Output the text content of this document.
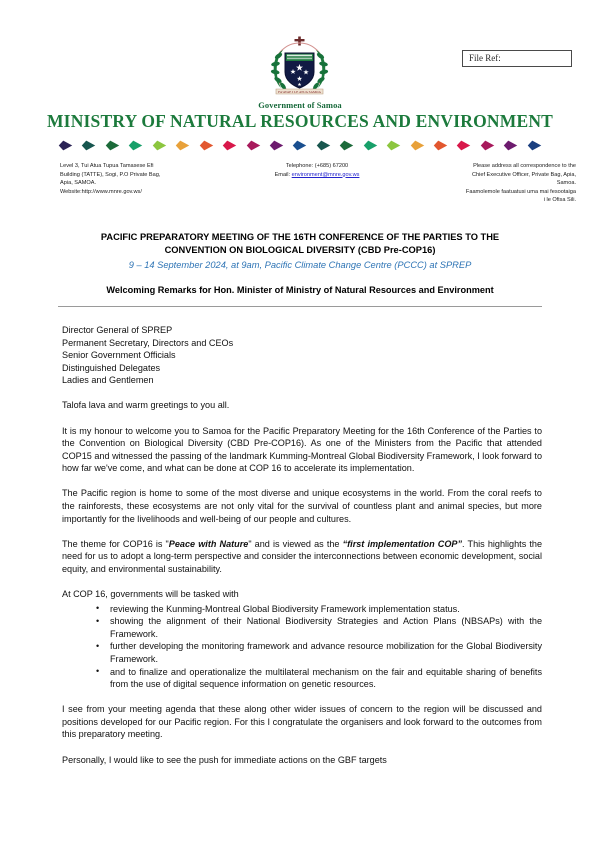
FA'AVAE I LE ATUA SAMOA
Government of Samoa
MINISTRY OF NATURAL RESOURCES AND ENVIRONMENT
File Ref:
Level 3, Tui Atua Tupua Tamasese Efi
Building (TATTE), Sogi, P.O Private Bag,
Apia, SAMOA.
Website:http://www.mnre.gov.ws/
Telephone: (+685) 67200
Email: environment@mnre.gov.ws
Please address all correspondence to the
Chief Executive Officer, Private Bag, Apia,
Samoa.
Faamolemole faatuatusi uma mai fesootaiga
i le Ofisa Sili.
PACIFIC PREPARATORY MEETING OF THE 16TH CONFERENCE OF THE PARTIES TO THE
CONVENTION ON BIOLOGICAL DIVERSITY (CBD Pre-COP16)
9 – 14 September 2024, at 9am, Pacific Climate Change Centre (PCCC) at SPREP
Welcoming Remarks for Hon. Minister of Ministry of Natural Resources and Environment
Director General of SPREP
Permanent Secretary, Directors and CEOs
Senior Government Officials
Distinguished Delegates
Ladies and Gentlemen

Talofa lava and warm greetings to you all.

It is my honour to welcome you to Samoa for the Pacific Preparatory Meeting for the 16th Conference of the Parties to the Convention on Biological Diversity (CBD Pre-COP16). As one of the Ministers from the Pacific that attended COP15 and witnessed the passing of the landmark Kumming-Montreal Global Biodiversity Framework, I look forward to how far we've come, and what can be done at COP 16 to accelerate its implementation.

The Pacific region is home to some of the most diverse and unique ecosystems in the world. From the coral reefs to the rainforests, these ecosystems are not only vital for the survival of countless plant and animal species, but more importantly for the livelihoods and well-being of our people and cultures.

The theme for COP16 is "Peace with Nature" and is viewed as the “first implementation COP”. This highlights the need for us to adopt a long-term perspective and consider the interconnections between economic development, social equity, and environmental sustainability.

At COP 16, governments will be tasked with

• reviewing the Kunming-Montreal Global Biodiversity Framework implementation status.
• showing the alignment of their National Biodiversity Strategies and Action Plans (NBSAPs) with the Framework.
• further developing the monitoring framework and advance resource mobilization for the Global Biodiversity Framework.
• and to finalize and operationalize the multilateral mechanism on the fair and equitable sharing of benefits from the use of digital sequence information on genetic resources.

I see from your meeting agenda that these along other wider issues of concern to the region will be discussed and positions developed for our Pacific region. For this I congratulate the organisers and look forward to the outcomes from this preparatory meeting.

Personally, I would like to see the push for immediate actions on the GBF targets
